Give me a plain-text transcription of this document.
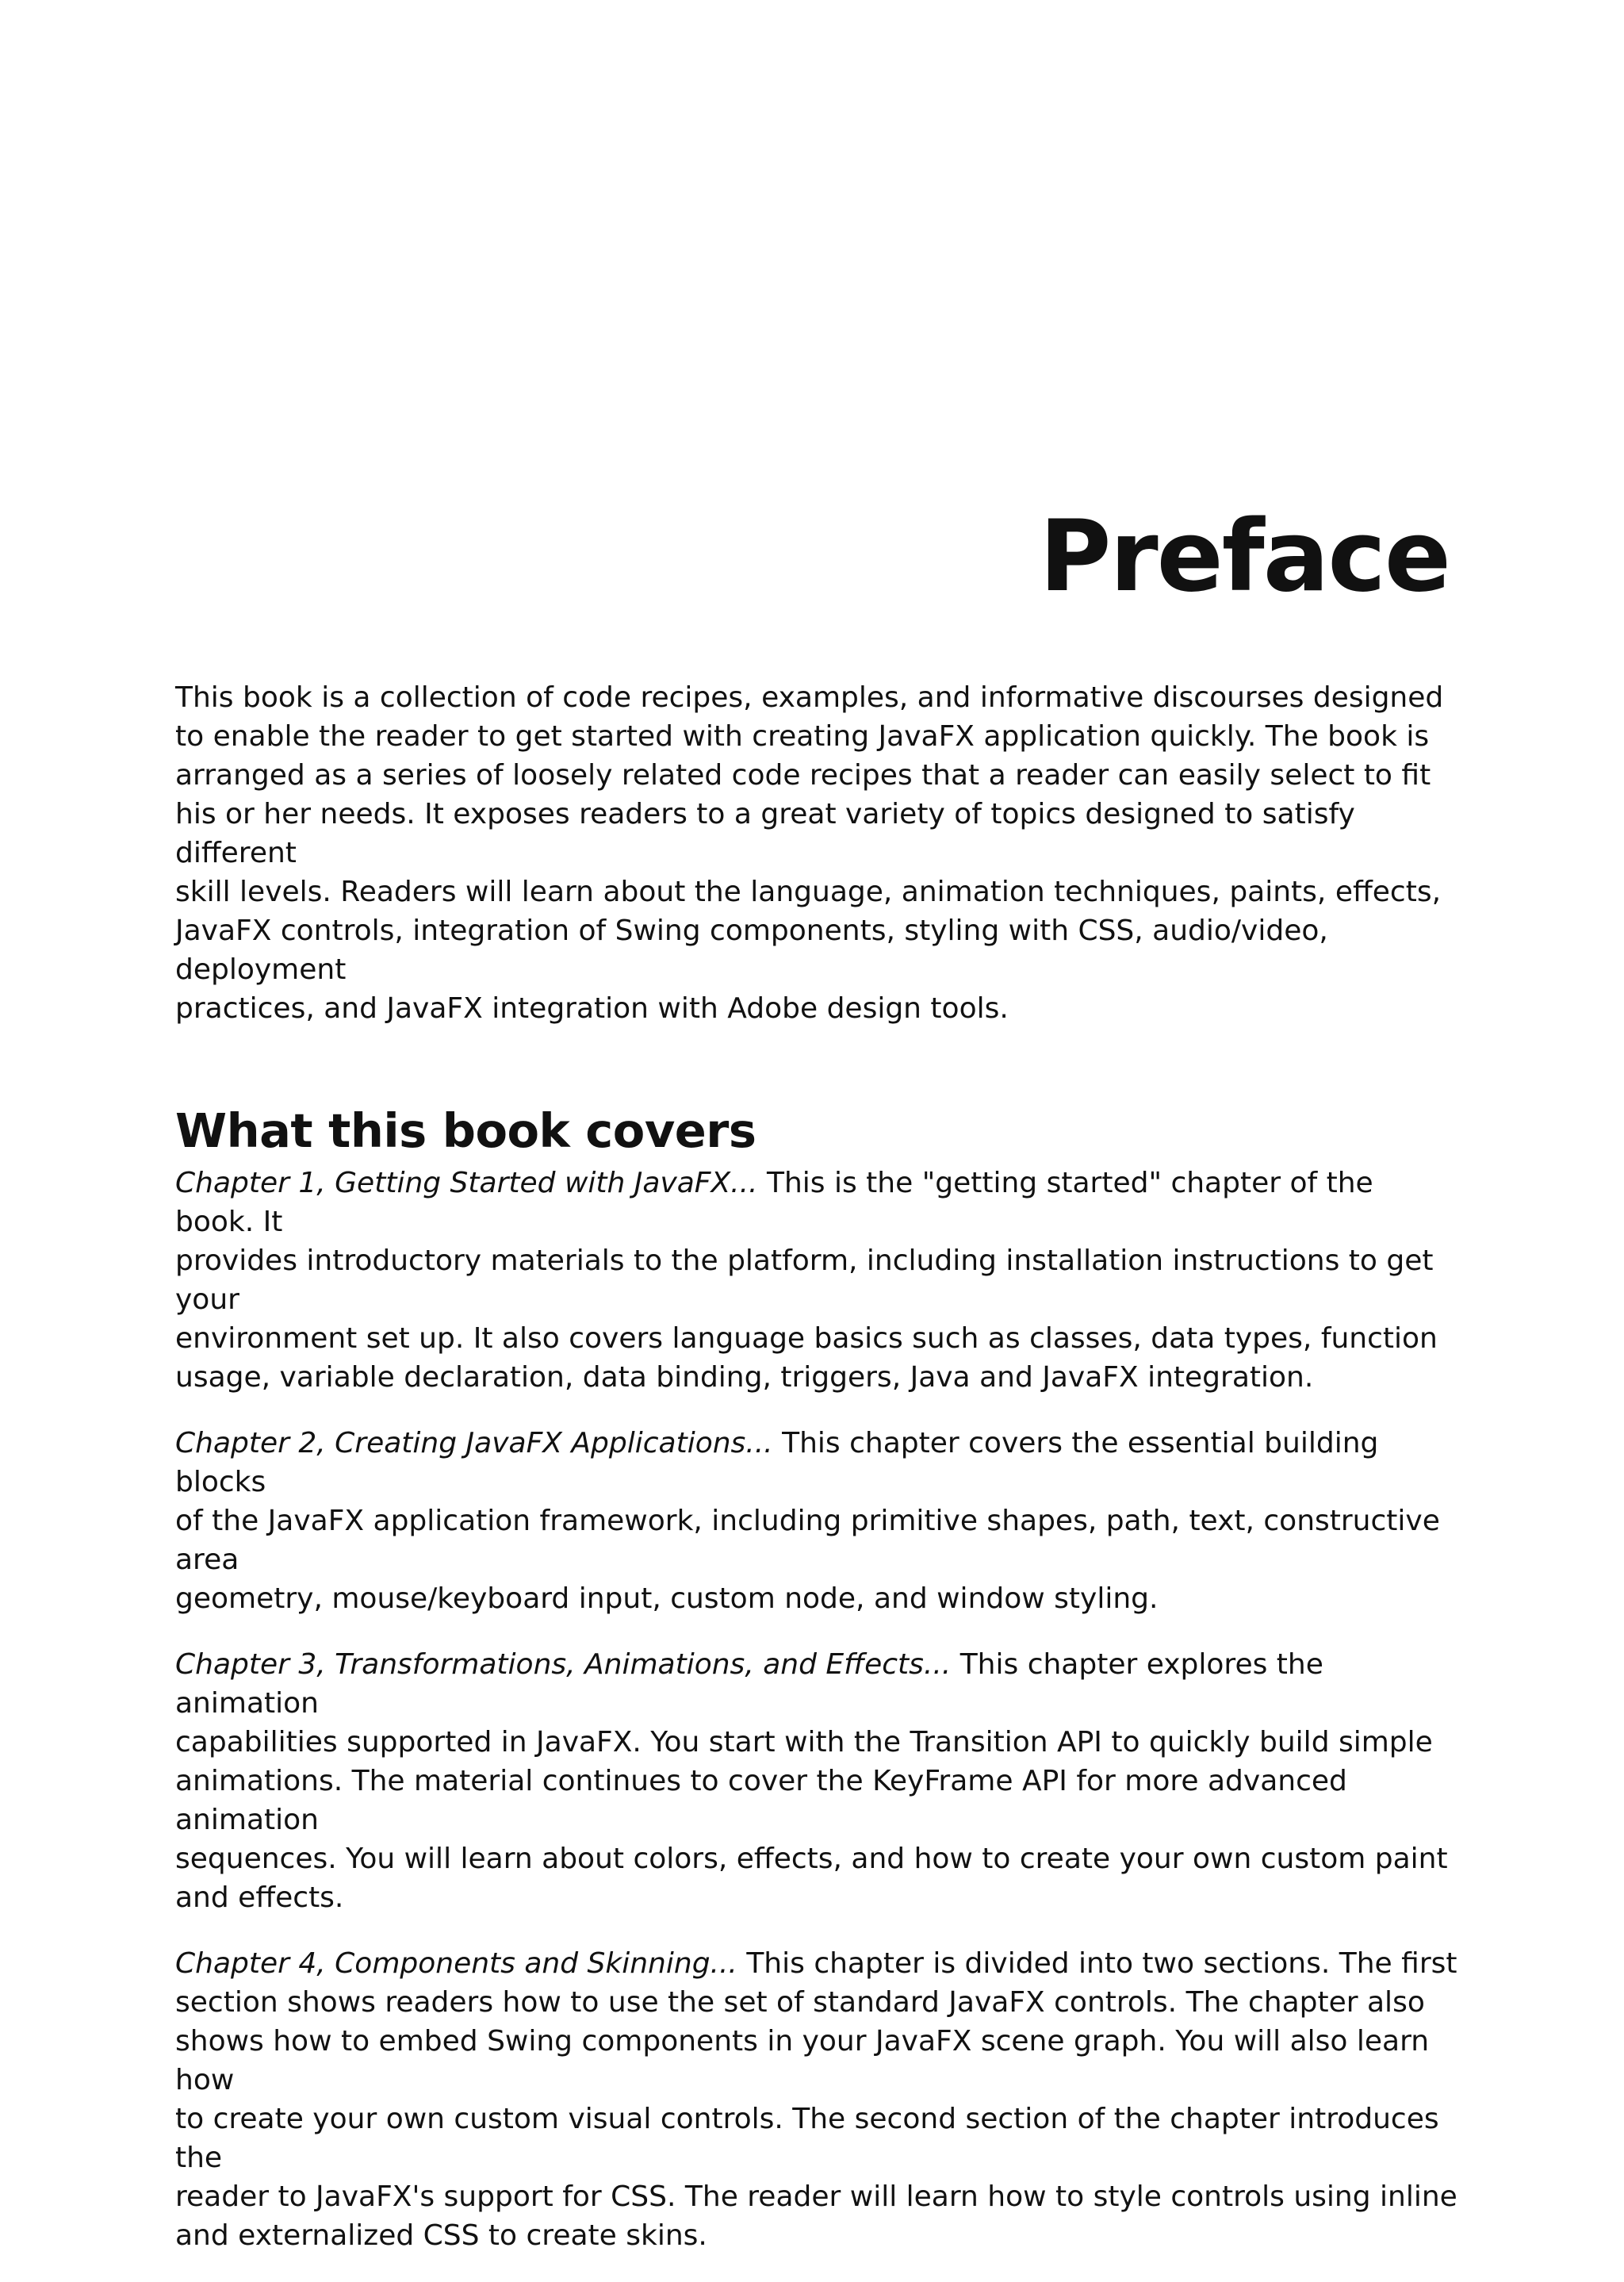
Preface

This book is a collection of code recipes, examples, and informative discourses designed
to enable the reader to get started with creating JavaFX application quickly. The book is
arranged as a series of loosely related code recipes that a reader can easily select to fit
his or her needs. It exposes readers to a great variety of topics designed to satisfy different
skill levels. Readers will learn about the language, animation techniques, paints, effects,
JavaFX controls, integration of Swing components, styling with CSS, audio/video, deployment
practices, and JavaFX integration with Adobe design tools.

What this book covers

Chapter 1, Getting Started with JavaFX... This is the "getting started" chapter of the book. It
provides introductory materials to the platform, including installation instructions to get your
environment set up. It also covers language basics such as classes, data types, function
usage, variable declaration, data binding, triggers, Java and JavaFX integration.

Chapter 2, Creating JavaFX Applications... This chapter covers the essential building blocks
of the JavaFX application framework, including primitive shapes, path, text, constructive area
geometry, mouse/keyboard input, custom node, and window styling.

Chapter 3, Transformations, Animations, and Effects... This chapter explores the animation
capabilities supported in JavaFX. You start with the Transition API to quickly build simple
animations. The material continues to cover the KeyFrame API for more advanced animation
sequences. You will learn about colors, effects, and how to create your own custom paint
and effects.

Chapter 4, Components and Skinning... This chapter is divided into two sections. The first
section shows readers how to use the set of standard JavaFX controls. The chapter also
shows how to embed Swing components in your JavaFX scene graph. You will also learn how
to create your own custom visual controls. The second section of the chapter introduces the
reader to JavaFX's support for CSS. The reader will learn how to style controls using inline
and externalized CSS to create skins.
